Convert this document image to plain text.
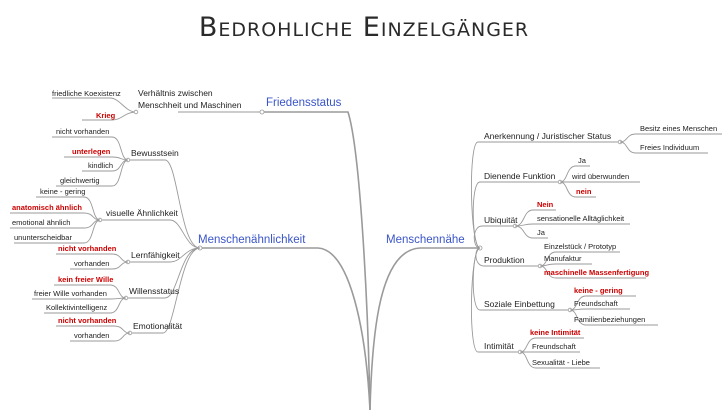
Bedrohliche Einzelgänger
Friedensstatus
Verhältnis zwischen
Menschheit und Maschinen
friedliche Koexistenz
Krieg
Menschenähnlichkeit
Bewusstsein
nicht vorhanden
unterlegen
kindlich
gleichwertig
visuelle Ähnlichkeit
keine - gering
anatomisch ähnlich
emotional ähnlich
ununterscheidbar
Lernfähigkeit
nicht vorhanden
vorhanden
Willensstatus
kein freier Wille
freier Wille vorhanden
Kollektivintelligenz
Emotionalität
nicht vorhanden
vorhanden
Menschennähe
Anerkennung / Juristischer Status
Besitz eines Menschen
Freies Individuum
Dienende Funktion
Ja
wird überwunden
nein
Ubiquität
Nein
sensationelle Alltäglichkeit
Ja
Produktion
Einzelstück / Prototyp
Manufaktur
maschinelle Massenfertigung
Soziale Einbettung
keine - gering
Freundschaft
Familienbeziehungen
Intimität
keine Intimität
Freundschaft
Sexualität - Liebe
